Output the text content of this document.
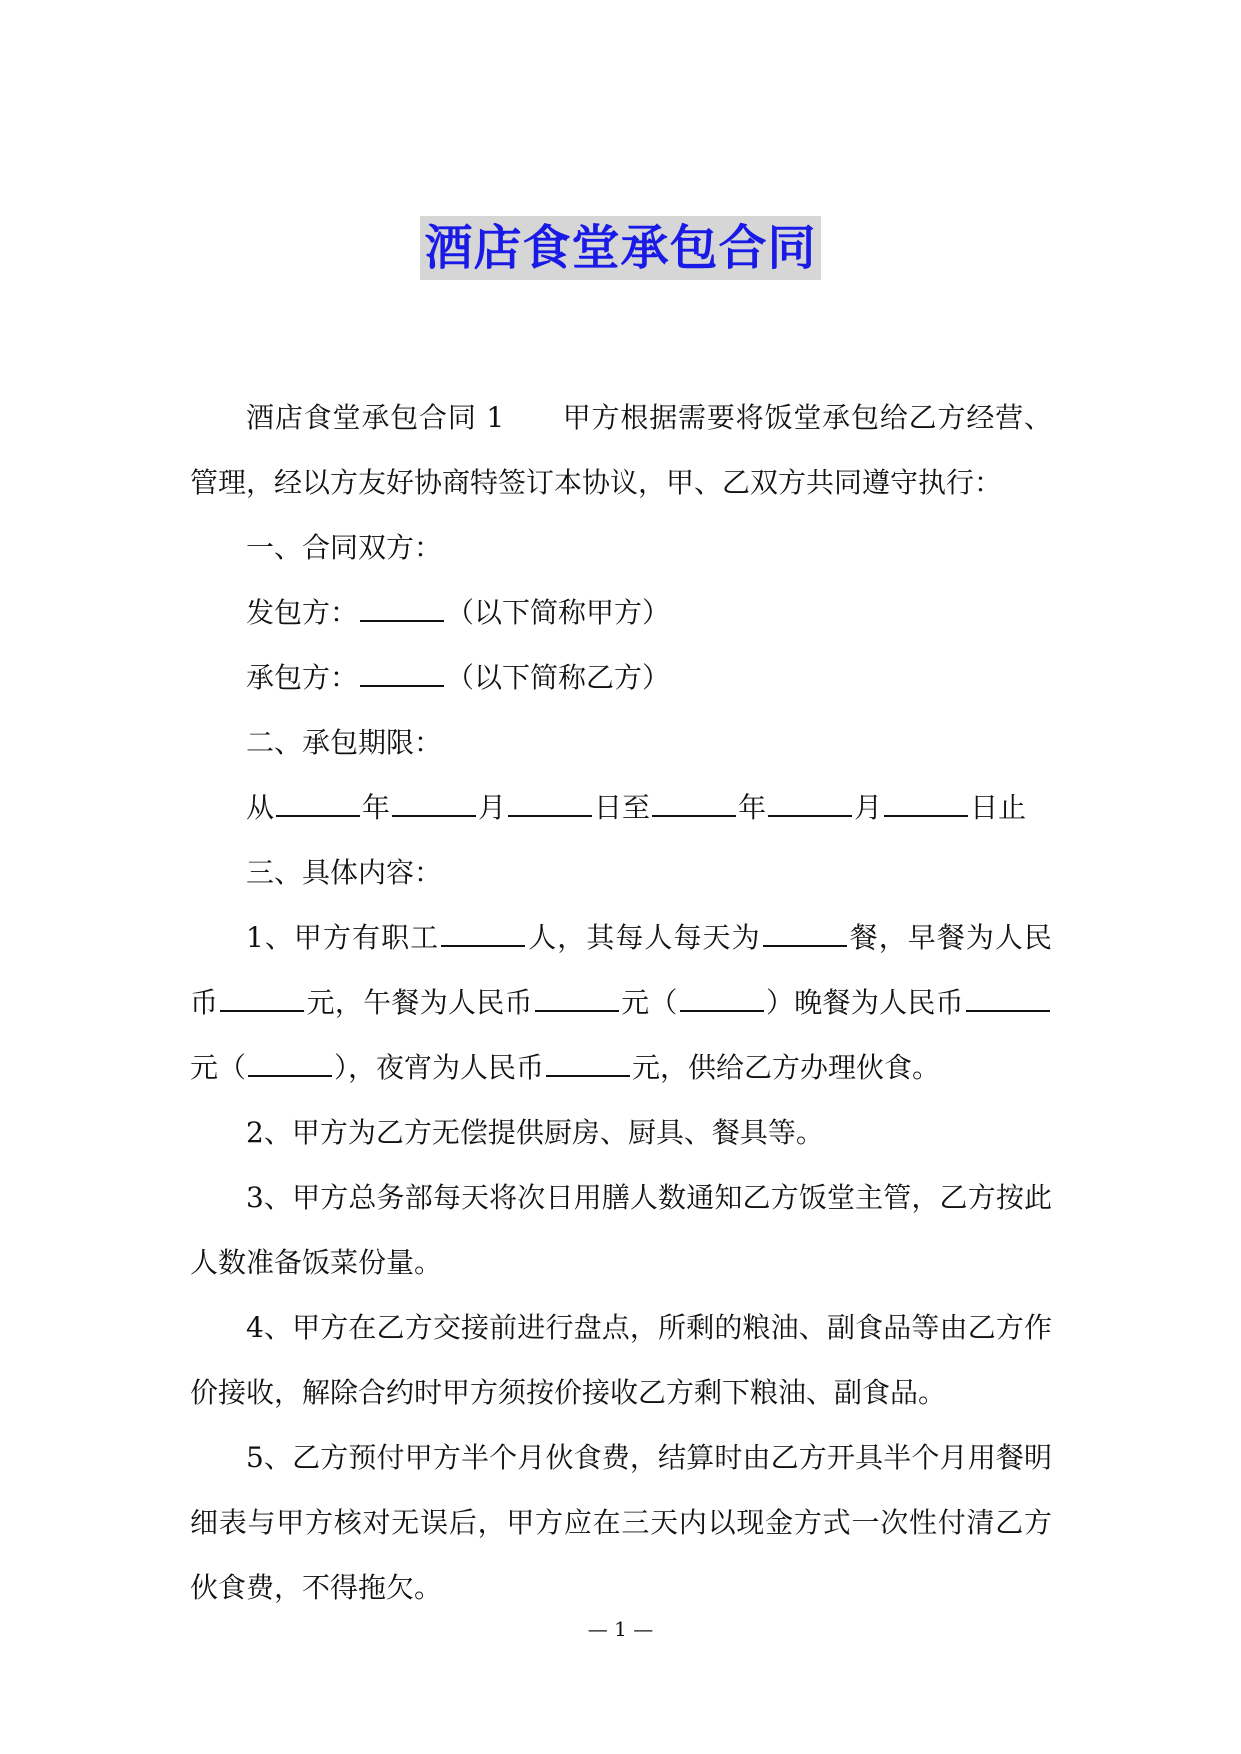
酒店食堂承包合同

酒店食堂承包合同 1　　甲方根据需要将饭堂承包给乙方经营、管理，经以方友好协商特签订本协议，甲、乙双方共同遵守执行：

一、合同双方：

发包方：	（以下简称甲方）

承包方：	（以下简称乙方）

二、承包期限：

从	年	月	日至	年	月	日止

三、具体内容：

1、甲方有职工	人，其每人每天为	餐，早餐为人民币	元，午餐为人民币	元（	）晚餐为人民币元（	），夜宵为人民币	元，供给乙方办理伙食。

2、甲方为乙方无偿提供厨房、厨具、餐具等。

3、甲方总务部每天将次日用膳人数通知乙方饭堂主管，乙方按此人数准备饭菜份量。

4、甲方在乙方交接前进行盘点，所剩的粮油、副食品等由乙方作价接收，解除合约时甲方须按价接收乙方剩下粮油、副食品。

5、乙方预付甲方半个月伙食费，结算时由乙方开具半个月用餐明细表与甲方核对无误后，甲方应在三天内以现金方式一次性付清乙方伙食费，不得拖欠。

— 1 —
